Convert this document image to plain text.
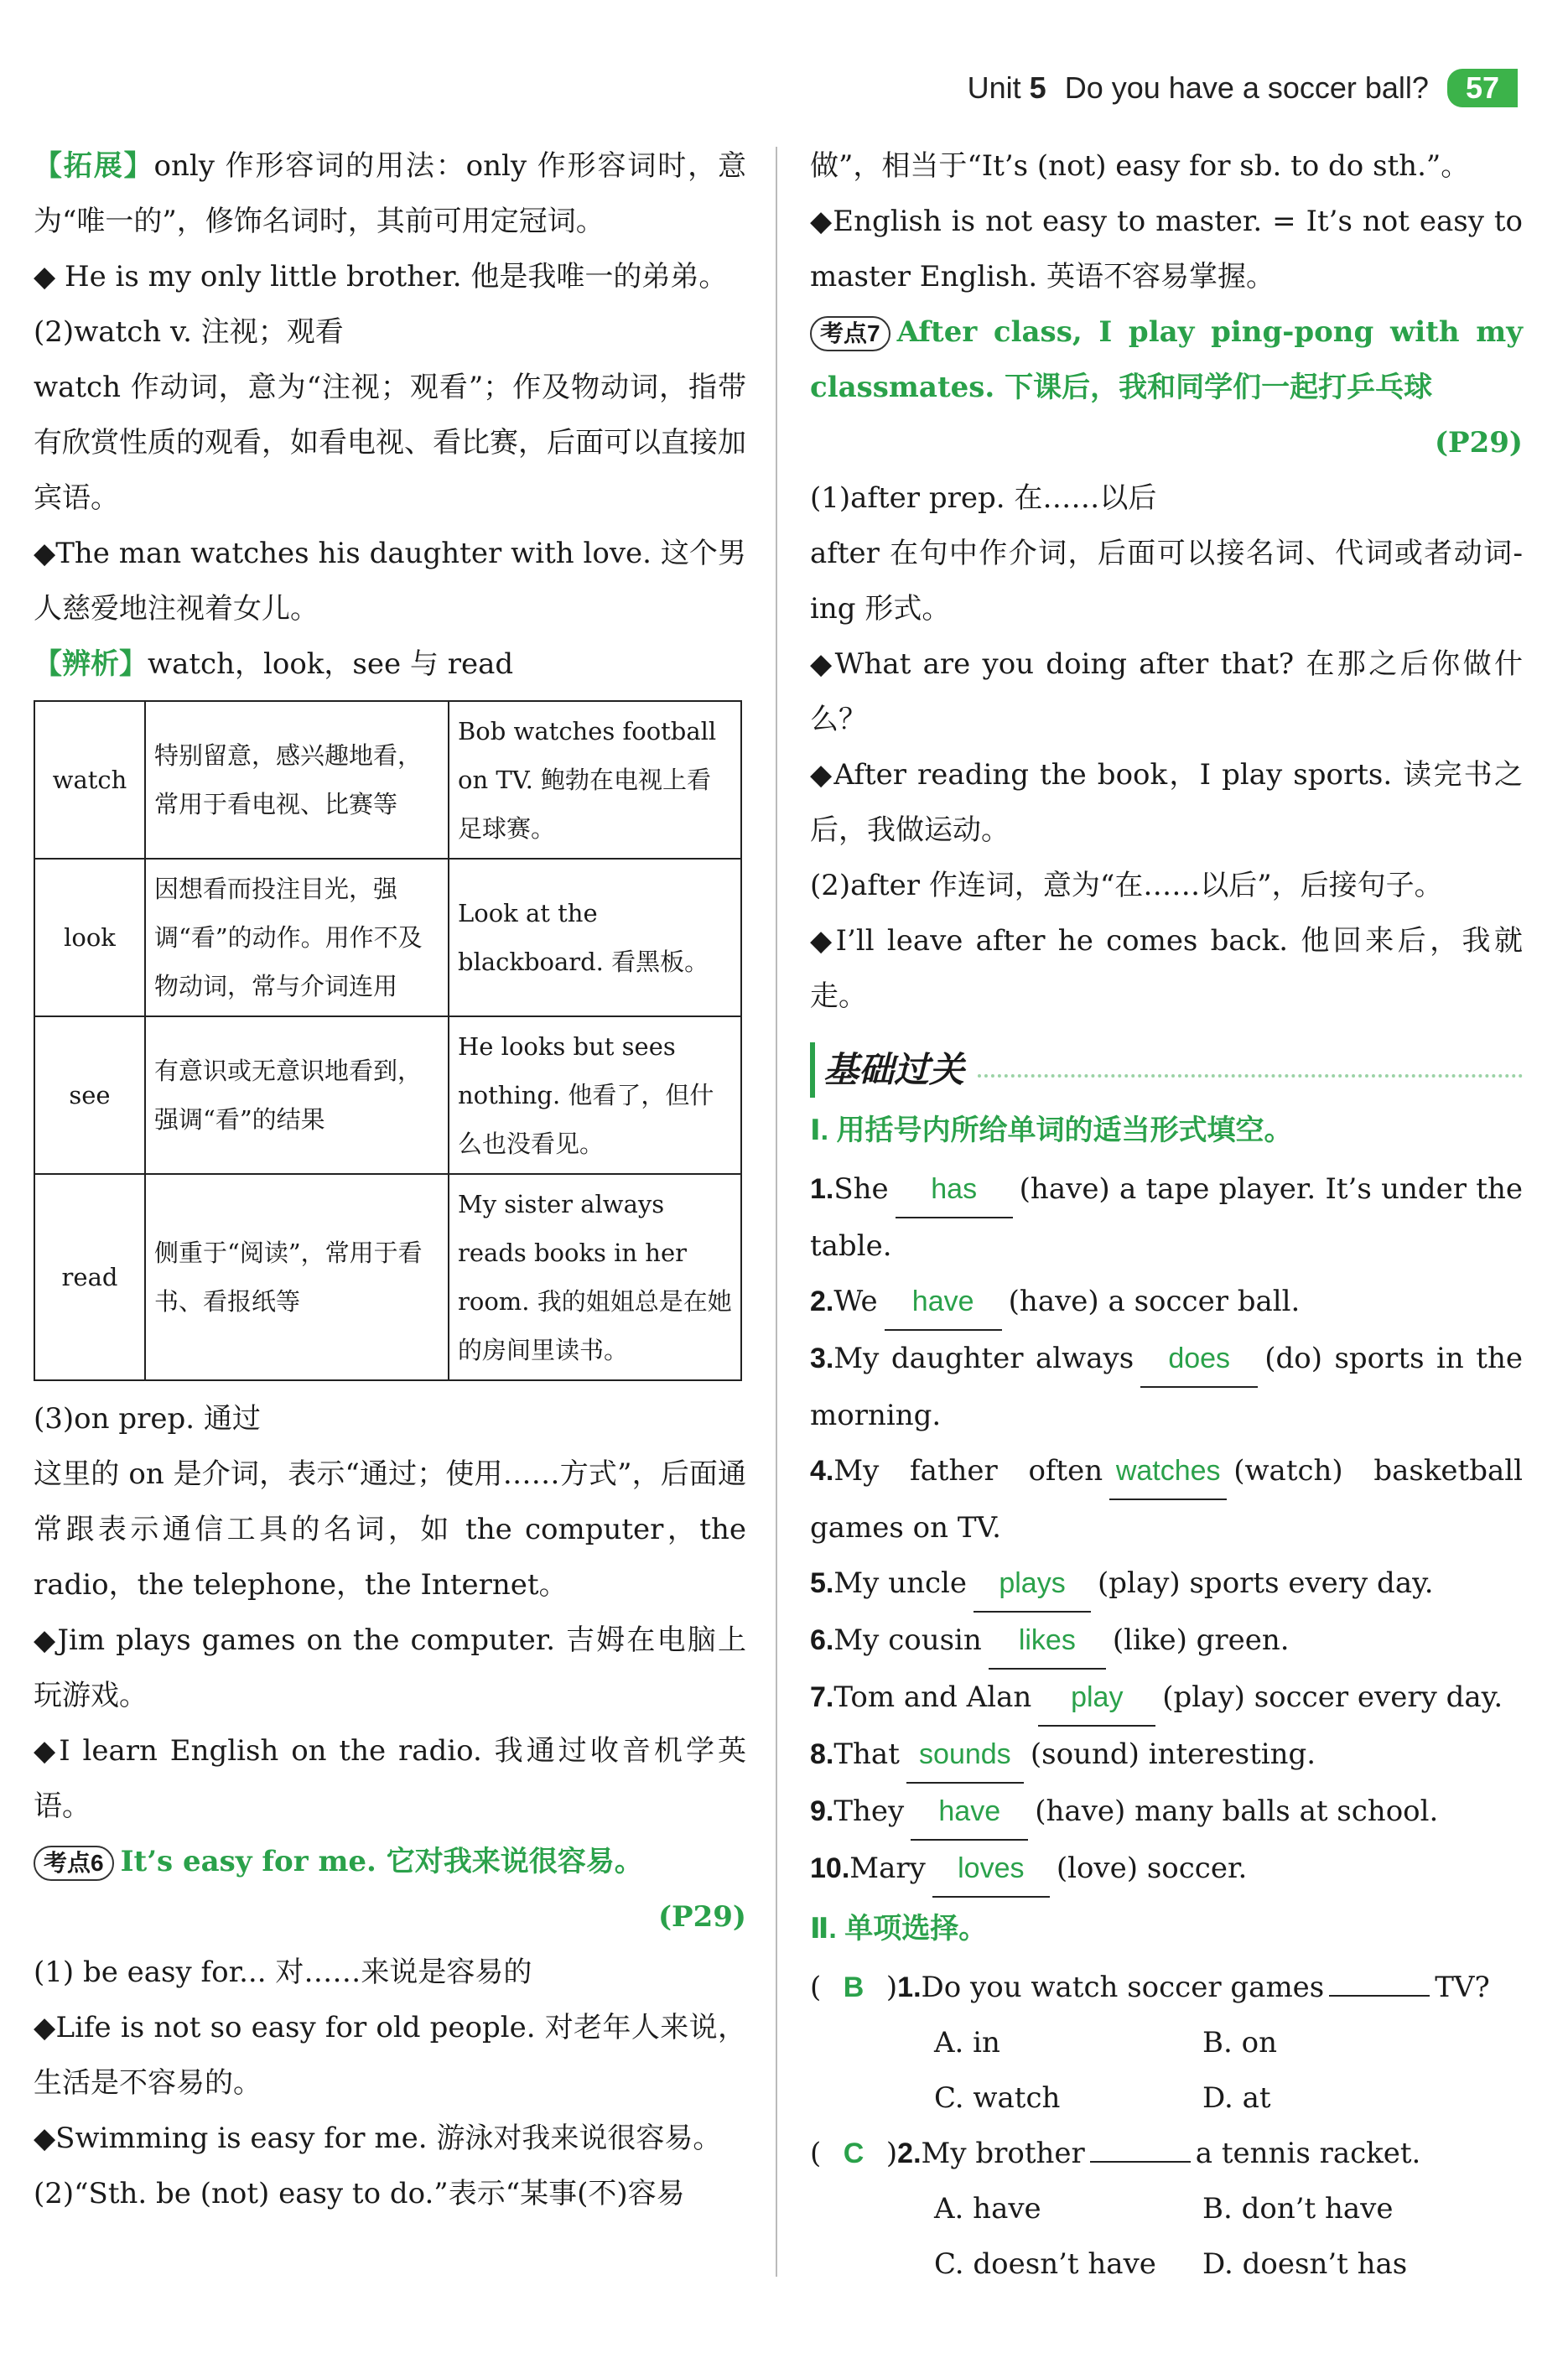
Unit 5 Do you have a soccer ball?	57

【拓展】only 作形容词的用法：only 作形容词时，意为“唯一的”，修饰名词时，其前可用定冠词。

◆ He is my only little brother. 他是我唯一的弟弟。

(2)watch v. 注视；观看

watch 作动词，意为“注视；观看”；作及物动词，指带有欣赏性质的观看，如看电视、看比赛，后面可以直接加宾语。

◆The man watches his daughter with love. 这个男人慈爱地注视着女儿。

【辨析】watch，look，see 与 read

watch	特别留意，感兴趣地看，常用于看电视、比赛等	Bob watches football on TV. 鲍勃在电视上看足球赛。
look	因想看而投注目光，强调“看”的动作。用作不及物动词，常与介词连用	Look at the blackboard. 看黑板。
see	有意识或无意识地看到，强调“看”的结果	He looks but sees nothing. 他看了，但什么也没看见。
read	侧重于“阅读”，常用于看书、看报纸等	My sister always reads books in her room. 我的姐姐总是在她的房间里读书。

(3)on prep. 通过

这里的 on 是介词，表示“通过；使用……方式”，后面通常跟表示通信工具的名词，如 the computer，the radio，the telephone，the Internet。

◆Jim plays games on the computer. 吉姆在电脑上玩游戏。

◆I learn English on the radio. 我通过收音机学英语。

考点6 It’s easy for me. 它对我来说很容易。

(P29)

(1) be easy for... 对……来说是容易的

◆Life is not so easy for old people. 对老年人来说，生活是不容易的。

◆Swimming is easy for me. 游泳对我来说很容易。

(2)“Sth. be (not) easy to do.”表示“某事(不)容易

做”，相当于“It’s (not) easy for sb. to do sth.”。

◆English is not easy to master. = It’s not easy to master English. 英语不容易掌握。

考点7 After class, I play ping-pong with my classmates. 下课后，我和同学们一起打乒乓球

(P29)

(1)after prep. 在……以后

after 在句中作介词，后面可以接名词、代词或者动词-ing 形式。

◆What are you doing after that? 在那之后你做什么？

◆After reading the book，I play sports. 读完书之后，我做运动。

(2)after 作连词，意为“在……以后”，后接句子。

◆I’ll leave after he comes back. 他回来后，我就走。

基础过关
Ⅰ. 用括号内所给单词的适当形式填空。

1.She has (have) a tape player. It’s under the table.

2.We have (have) a soccer ball.

3.My daughter always does (do) sports in the morning.

4.My father often watches (watch) basketball games on TV.

5.My uncle plays (play) sports every day.

6.My cousin likes (like) green.

7.Tom and Alan play (play) soccer every day.

8.That sounds (sound) interesting.

9.They have (have) many balls at school.

10.Mary loves (love) soccer.

Ⅱ. 单项选择。

( B )1.Do you watch soccer games	TV?

A. in	B. on
C. watch	D. at

( C )2.My brother	a tennis racket.

A. have	B. don’t have
C. doesn’t have	D. doesn’t has
